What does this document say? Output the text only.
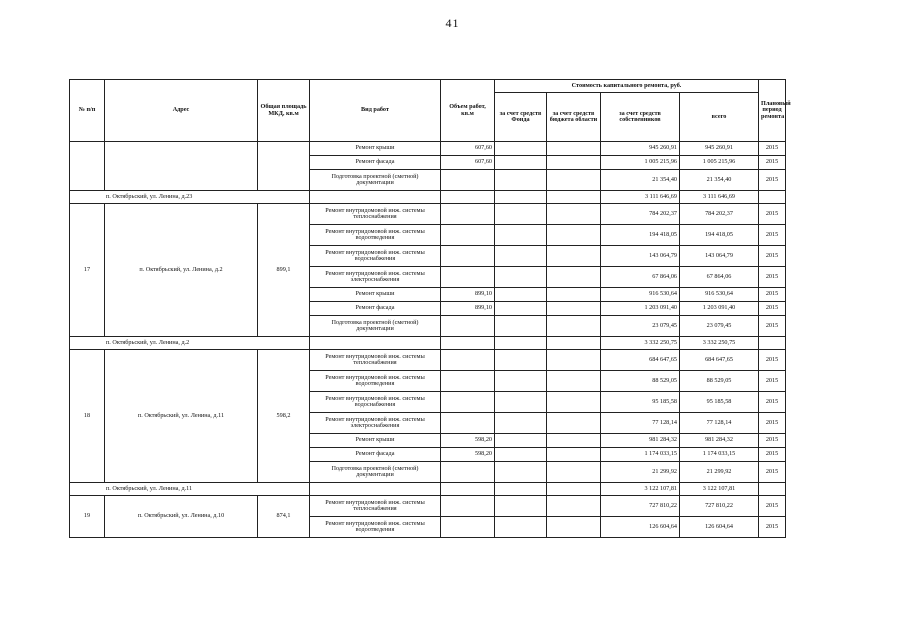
41
№ п/п	Адрес	Общая площадь МКД, кв.м	Вид работ	Объем работ, кв.м	Стоимость капитального ремонта, руб.				Плановый период ремонта
					за счет средств Фонда	за счет средств бюджета области	за счет средств собственников	всего	
			Ремонт крыши	607,60			945 260,91	945 260,91	2015
			Ремонт фасада	607,60			1 005 215,96	1 005 215,96	2015
			Подготовка проектной (сметной) документации				21 354,40	21 354,40	2015
п. Октябрьский, ул. Ленина, д.23							3 111 646,69	3 111 646,69	
17	п. Октябрьский, ул. Ленина, д.2	899,1	Ремонт внутридомовой инж. системы теплоснабжения				784 202,37	784 202,37	2015
			Ремонт внутридомовой инж. системы водоотведения				194 418,05	194 418,05	2015
			Ремонт внутридомовой инж. системы водоснабжения				143 064,79	143 064,79	2015
			Ремонт внутридомовой инж. системы электроснабжения				67 864,06	67 864,06	2015
			Ремонт крыши	899,10			916 530,64	916 530,64	2015
			Ремонт фасада	899,10			1 203 091,40	1 203 091,40	2015
			Подготовка проектной (сметной) документации				23 079,45	23 079,45	2015
п. Октябрьский, ул. Ленина, д.2							3 332 250,75	3 332 250,75	
18	п. Октябрьский, ул. Ленина, д.11	598,2	Ремонт внутридомовой инж. системы теплоснабжения				684 647,65	684 647,65	2015
			Ремонт внутридомовой инж. системы водоотведения				88 529,05	88 529,05	2015
			Ремонт внутридомовой инж. системы водоснабжения				95 185,58	95 185,58	2015
			Ремонт внутридомовой инж. системы электроснабжения				77 128,14	77 128,14	2015
			Ремонт крыши	598,20			981 284,32	981 284,32	2015
			Ремонт фасада	598,20			1 174 033,15	1 174 033,15	2015
			Подготовка проектной (сметной) документации				21 299,92	21 299,92	2015
п. Октябрьский, ул. Ленина, д.11							3 122 107,81	3 122 107,81	
19	п. Октябрьский, ул. Ленина, д.10	874,1	Ремонт внутридомовой инж. системы теплоснабжения				727 810,22	727 810,22	2015
			Ремонт внутридомовой инж. системы водоотведения				126 604,64	126 604,64	2015
